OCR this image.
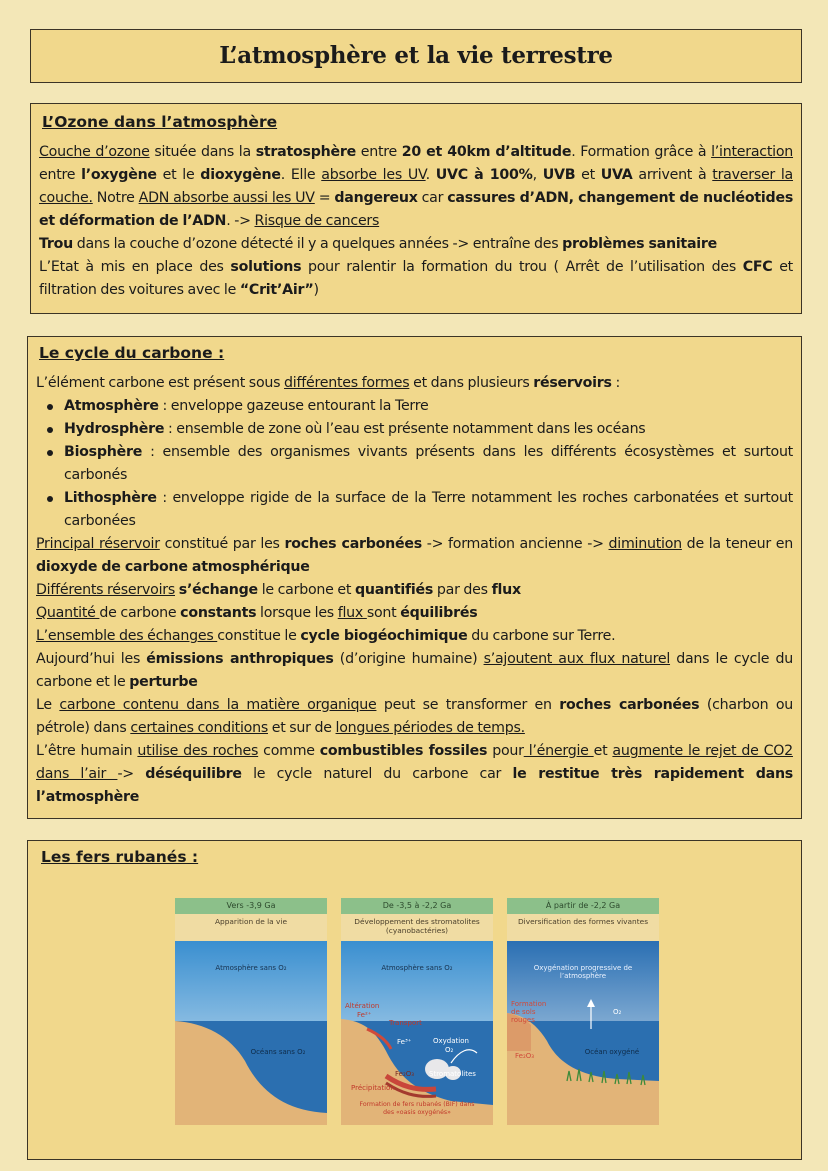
L’atmosphère et la vie terrestre
L’Ozone dans l’atmosphère
Couche d’ozone située dans la stratosphère entre 20 et 40km d’altitude. Formation grâce à l’interaction entre l’oxygène et le dioxygène. Elle absorbe les UV. UVC à 100%, UVB et UVA arrivent à traverser la couche. Notre ADN absorbe aussi les UV = dangereux car cassures d’ADN, changement de nucléotides et déformation de l’ADN. -> Risque de cancers
Trou dans la couche d’ozone détecté il y a quelques années -> entraîne des problèmes sanitaire
L’Etat à mis en place des solutions pour ralentir la formation du trou ( Arrêt de l’utilisation des CFC et filtration des voitures avec le “Crit’Air”)
Le cycle du carbone :
L’élément carbone est présent sous différentes formes et dans plusieurs réservoirs :
Atmosphère : enveloppe gazeuse entourant la Terre
Hydrosphère : ensemble de zone où l’eau est présente notamment dans les océans
Biosphère : ensemble des organismes vivants présents dans les différents écosystèmes et surtout carbonés
Lithosphère : enveloppe rigide de la surface de la Terre notamment les roches carbonatées et surtout carbonées
Principal réservoir constitué par les roches carbonées -> formation ancienne -> diminution de la teneur en dioxyde de carbone atmosphérique
Différents réservoirs s’échange le carbone et quantifiés par des flux
Quantité de carbone constants lorsque les flux sont équilibrés
L’ensemble des échanges constitue le cycle biogéochimique du carbone sur Terre.
Aujourd’hui les émissions anthropiques (d’origine humaine) s’ajoutent aux flux naturel dans le cycle du carbone et le perturbe
Le carbone contenu dans la matière organique peut se transformer en roches carbonées (charbon ou pétrole) dans certaines conditions et sur de longues périodes de temps.
L’être humain utilise des roches comme combustibles fossiles pour l’énergie et augmente le rejet de CO2 dans l’air -> déséquilibre le cycle naturel du carbone car le restitue très rapidement dans l’atmosphère
Les fers rubanés :
Vers -3,9 Ga
Apparition de la vie
Atmosphère sans O₂
Océans sans O₂
De -3,5 à -2,2 Ga
Développement des stromatolites (cyanobactéries)
Atmosphère sans O₂
Altération
Fe²⁺
Transport
Fe³⁺	Oxydation
O₂
Fe₂O₃ Stromatolites
Précipitation
Formation de fers rubanés (BIF) dans des «oasis oxygénés»
À partir de -2,2 Ga
Diversification des formes vivantes
Oxygénation progressive de l’atmosphère
O₂
Formation de sols rouges
Fe₂O₃	Océan oxygéné
